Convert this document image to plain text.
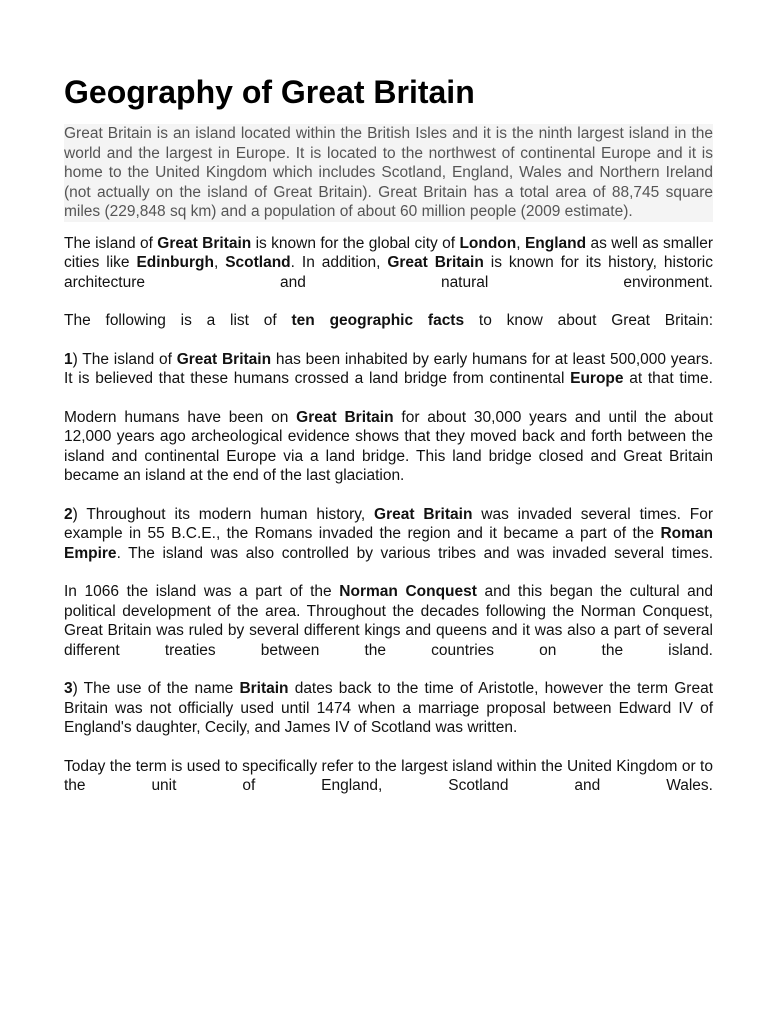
Geography of Great Britain
Great Britain is an island located within the British Isles and it is the ninth largest island in the world and the largest in Europe. It is located to the northwest of continental Europe and it is home to the United Kingdom which includes Scotland, England, Wales and Northern Ireland (not actually on the island of Great Britain). Great Britain has a total area of 88,745 square miles (229,848 sq km) and a population of about 60 million people (2009 estimate).

The island of Great Britain is known for the global city of London, England as well as smaller cities like Edinburgh, Scotland. In addition, Great Britain is known for its history, historic architecture and natural environment.

The following is a list of ten geographic facts to know about Great Britain:

1) The island of Great Britain has been inhabited by early humans for at least 500,000 years. It is believed that these humans crossed a land bridge from continental Europe at that time.

Modern humans have been on Great Britain for about 30,000 years and until the about 12,000 years ago archeological evidence shows that they moved back and forth between the island and continental Europe via a land bridge. This land bridge closed and Great Britain became an island at the end of the last glaciation.

2) Throughout its modern human history, Great Britain was invaded several times. For example in 55 B.C.E., the Romans invaded the region and it became a part of the Roman Empire. The island was also controlled by various tribes and was invaded several times.

In 1066 the island was a part of the Norman Conquest and this began the cultural and political development of the area. Throughout the decades following the Norman Conquest, Great Britain was ruled by several different kings and queens and it was also a part of several different treaties between the countries on the island.

3) The use of the name Britain dates back to the time of Aristotle, however the term Great Britain was not officially used until 1474 when a marriage proposal between Edward IV of England's daughter, Cecily, and James IV of Scotland was written.

Today the term is used to specifically refer to the largest island within the United Kingdom or to the unit of England, Scotland and Wales.
